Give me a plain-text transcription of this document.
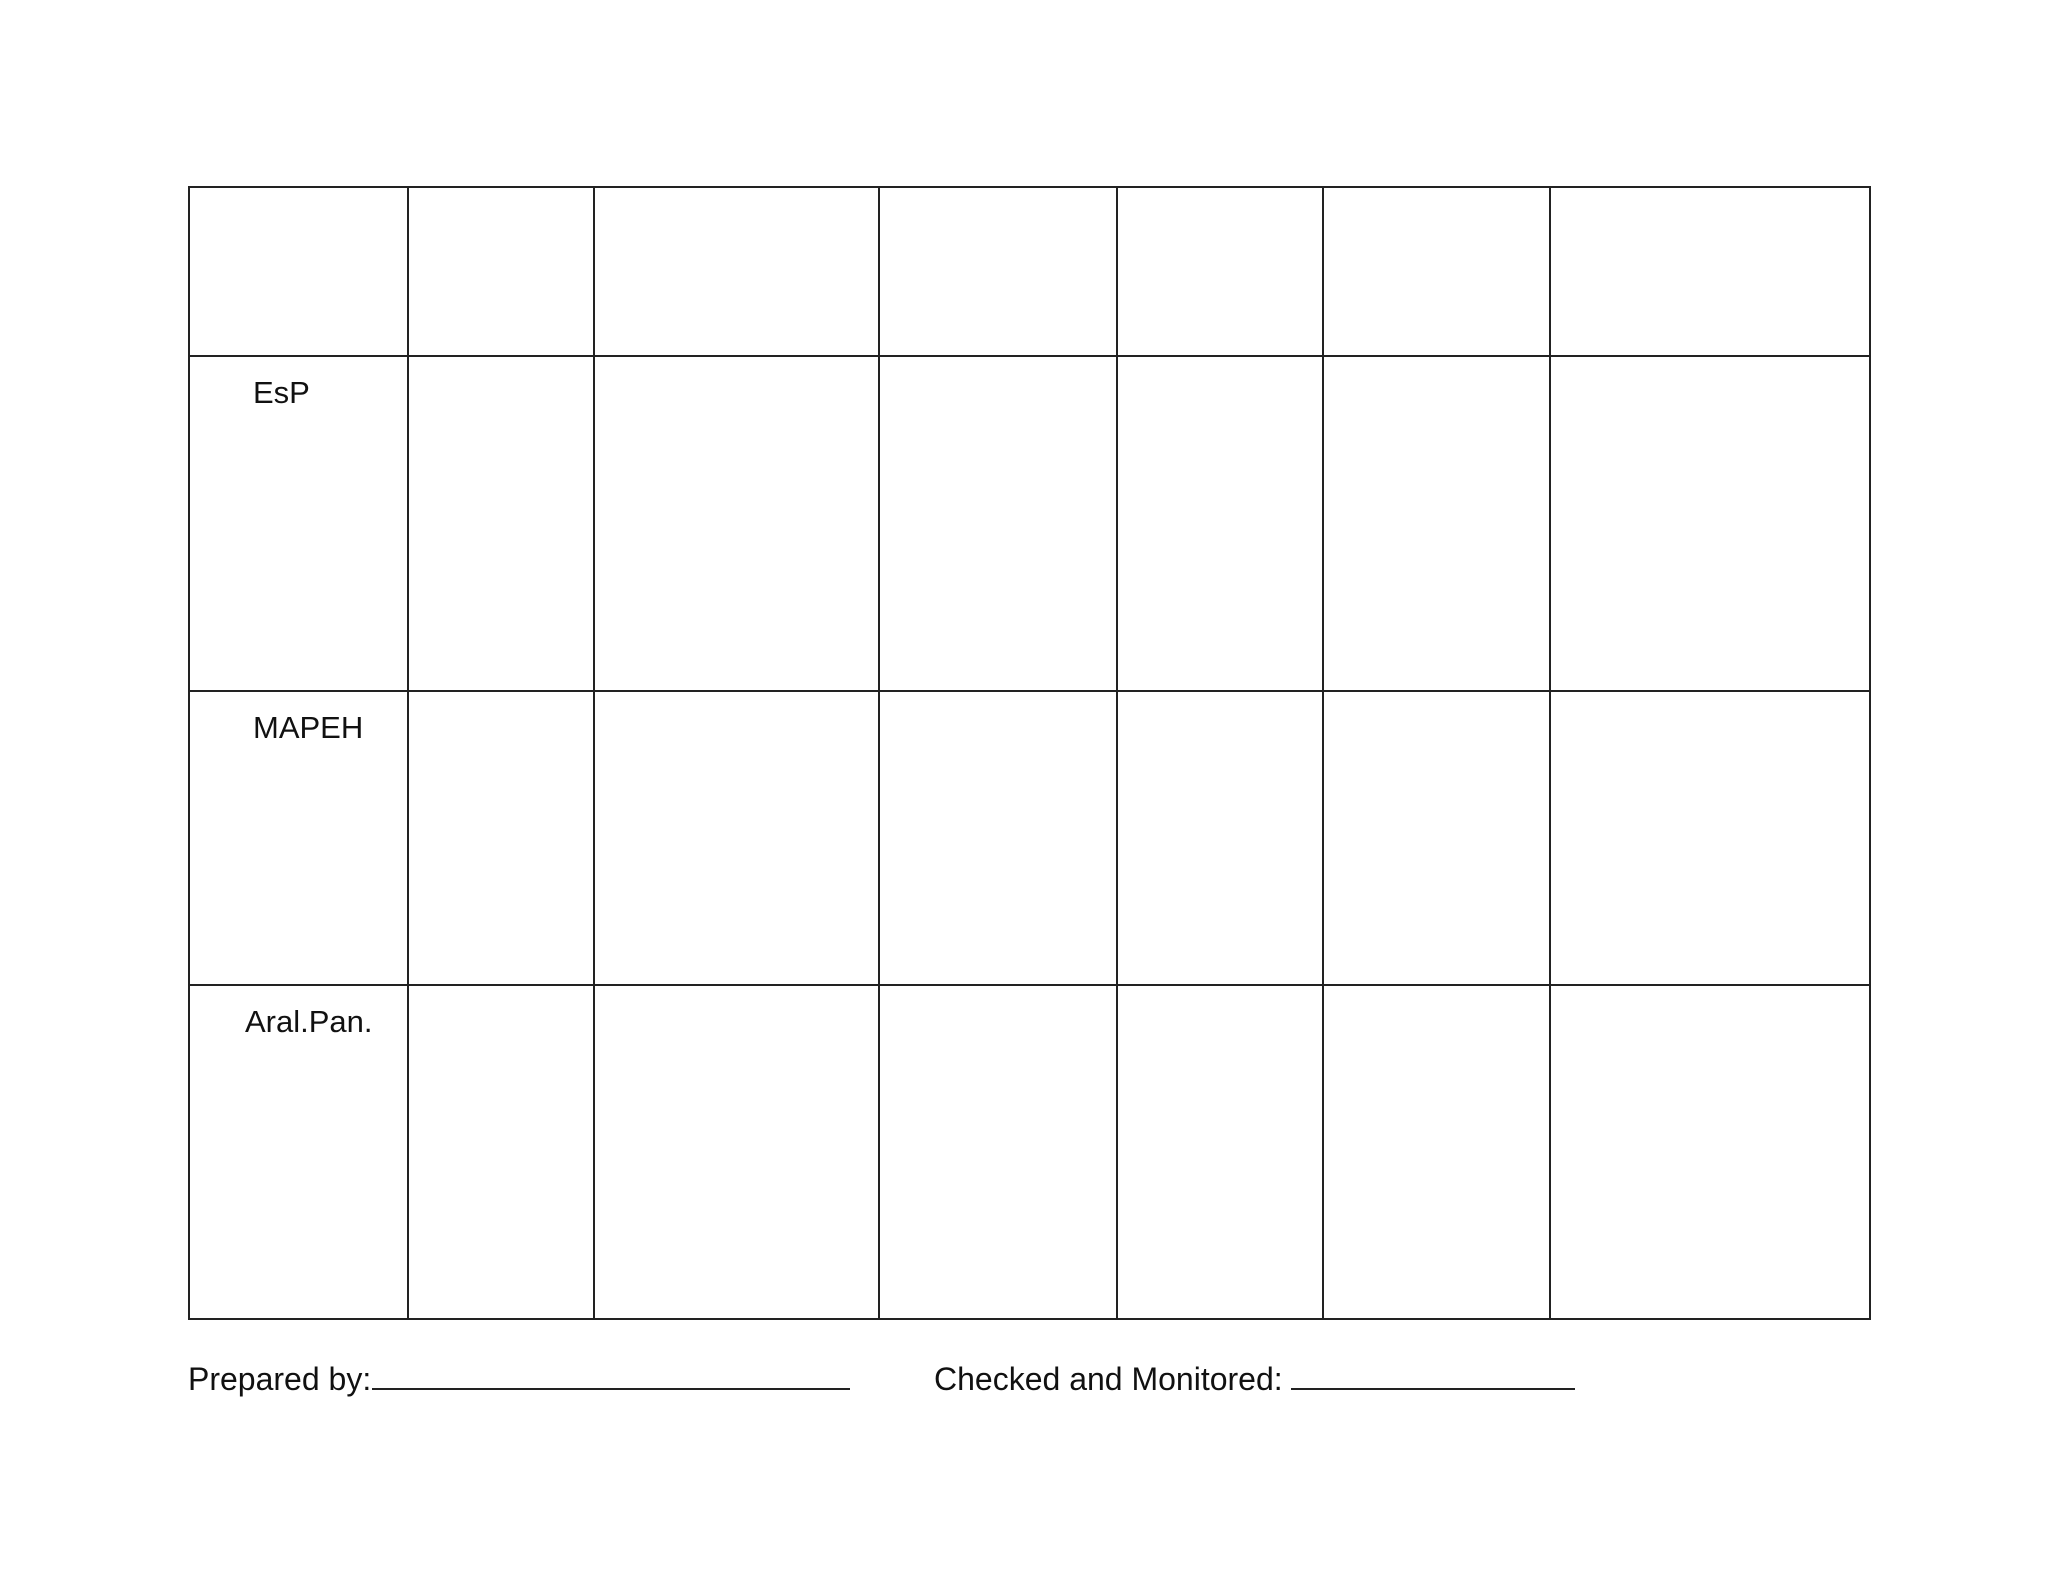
EsP						

MAPEH						

Aral.Pan.						

Prepared by:	Checked and Monitored:
